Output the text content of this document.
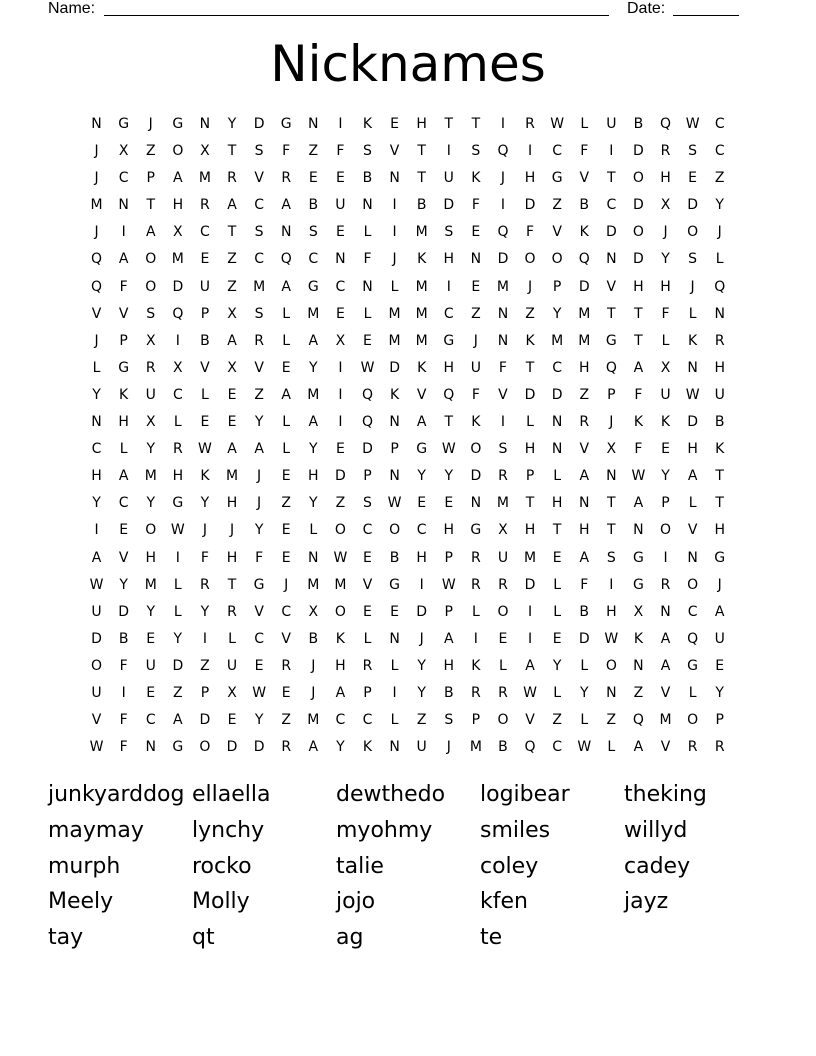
Name:	Date:
Nicknames
N	G	J	G	N	Y	D	G	N	I	K	E	H	T	T	I	R	W	L	U	B	Q	W	C
J	X	Z	O	X	T	S	F	Z	F	S	V	T	I	S	Q	I	C	F	I	D	R	S	C
J	C	P	A	M	R	V	R	E	E	B	N	T	U	K	J	H	G	V	T	O	H	E	Z
M	N	T	H	R	A	C	A	B	U	N	I	B	D	F	I	D	Z	B	C	D	X	D	Y
J	I	A	X	C	T	S	N	S	E	L	I	M	S	E	Q	F	V	K	D	O	J	O	J
Q	A	O	M	E	Z	C	Q	C	N	F	J	K	H	N	D	O	O	Q	N	D	Y	S	L
Q	F	O	D	U	Z	M	A	G	C	N	L	M	I	E	M	J	P	D	V	H	H	J	Q
V	V	S	Q	P	X	S	L	M	E	L	M	M	C	Z	N	Z	Y	M	T	T	F	L	N
J	P	X	I	B	A	R	L	A	X	E	M	M	G	J	N	K	M	M	G	T	L	K	R
L	G	R	X	V	X	V	E	Y	I	W	D	K	H	U	F	T	C	H	Q	A	X	N	H
Y	K	U	C	L	E	Z	A	M	I	Q	K	V	Q	F	V	D	D	Z	P	F	U	W	U
N	H	X	L	E	E	Y	L	A	I	Q	N	A	T	K	I	L	N	R	J	K	K	D	B
C	L	Y	R	W	A	A	L	Y	E	D	P	G	W	O	S	H	N	V	X	F	E	H	K
H	A	M	H	K	M	J	E	H	D	P	N	Y	Y	D	R	P	L	A	N	W	Y	A	T
Y	C	Y	G	Y	H	J	Z	Y	Z	S	W	E	E	N	M	T	H	N	T	A	P	L	T
I	E	O	W	J	J	Y	E	L	O	C	O	C	H	G	X	H	T	H	T	N	O	V	H
A	V	H	I	F	H	F	E	N	W	E	B	H	P	R	U	M	E	A	S	G	I	N	G
W	Y	M	L	R	T	G	J	M	M	V	G	I	W	R	R	D	L	F	I	G	R	O	J
U	D	Y	L	Y	R	V	C	X	O	E	E	D	P	L	O	I	L	B	H	X	N	C	A
D	B	E	Y	I	L	C	V	B	K	L	N	J	A	I	E	I	E	D	W	K	A	Q	U
O	F	U	D	Z	U	E	R	J	H	R	L	Y	H	K	L	A	Y	L	O	N	A	G	E
U	I	E	Z	P	X	W	E	J	A	P	I	Y	B	R	R	W	L	Y	N	Z	V	L	Y
V	F	C	A	D	E	Y	Z	M	C	C	L	Z	S	P	O	V	Z	L	Z	Q	M	O	P
W	F	N	G	O	D	D	R	A	Y	K	N	U	J	M	B	Q	C	W	L	A	V	R	R
junkyarddog ellaella	dewthedo	logibear	theking
maymay	lynchy	myohmy	smiles	willyd
murph	rocko	talie	coley	cadey
Meely	Molly	jojo	kfen	jayz
tay	qt	ag	te
